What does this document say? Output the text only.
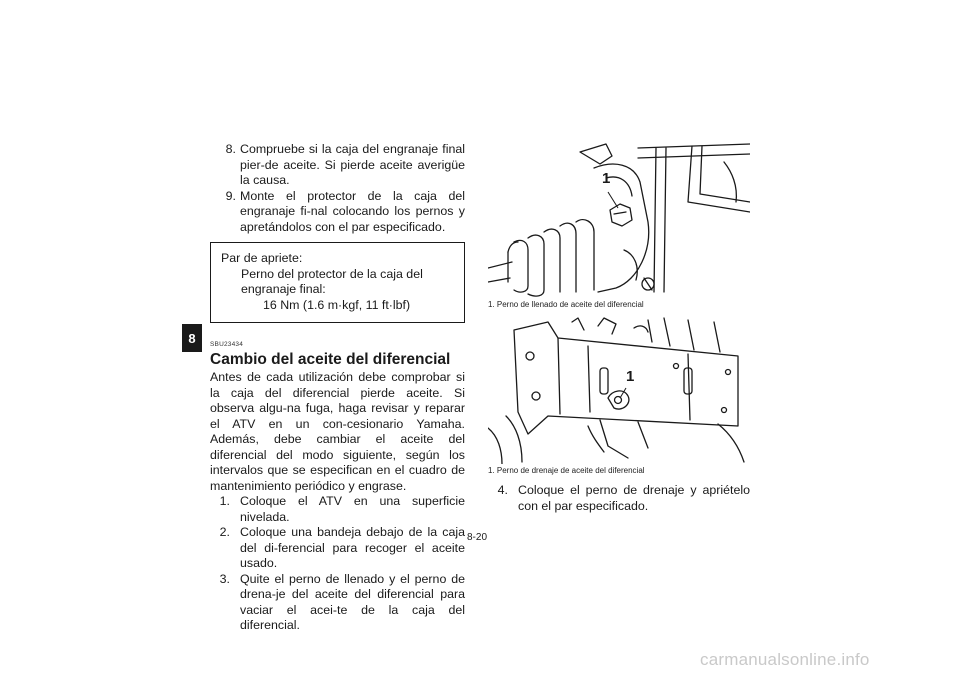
8
8. Compruebe si la caja del engranaje final pier-de aceite. Si pierde aceite averigüe la causa.
9. Monte el protector de la caja del engranaje fi-nal colocando los pernos y apretándolos con el par especificado.
Par de apriete:
Perno del protector de la caja del engranaje final:
16 Nm (1.6 m·kgf, 11 ft·lbf)
SBU23434
Cambio del aceite del diferencial
Antes de cada utilización debe comprobar si la caja del diferencial pierde aceite. Si observa algu-na fuga, haga revisar y reparar el ATV en un con-cesionario Yamaha. Además, debe cambiar el aceite del diferencial del modo siguiente, según los intervalos que se especifican en el cuadro de mantenimiento periódico y engrase.
1. Coloque el ATV en una superficie nivelada.
2. Coloque una bandeja debajo de la caja del di-ferencial para recoger el aceite usado.
3. Quite el perno de llenado y el perno de drena-je del aceite del diferencial para vaciar el acei-te de la caja del diferencial.
1
1. Perno de llenado de aceite del diferencial
1
1. Perno de drenaje de aceite del diferencial
4. Coloque el perno de drenaje y apriételo con el par especificado.
8-20
carmanualsonline.info
